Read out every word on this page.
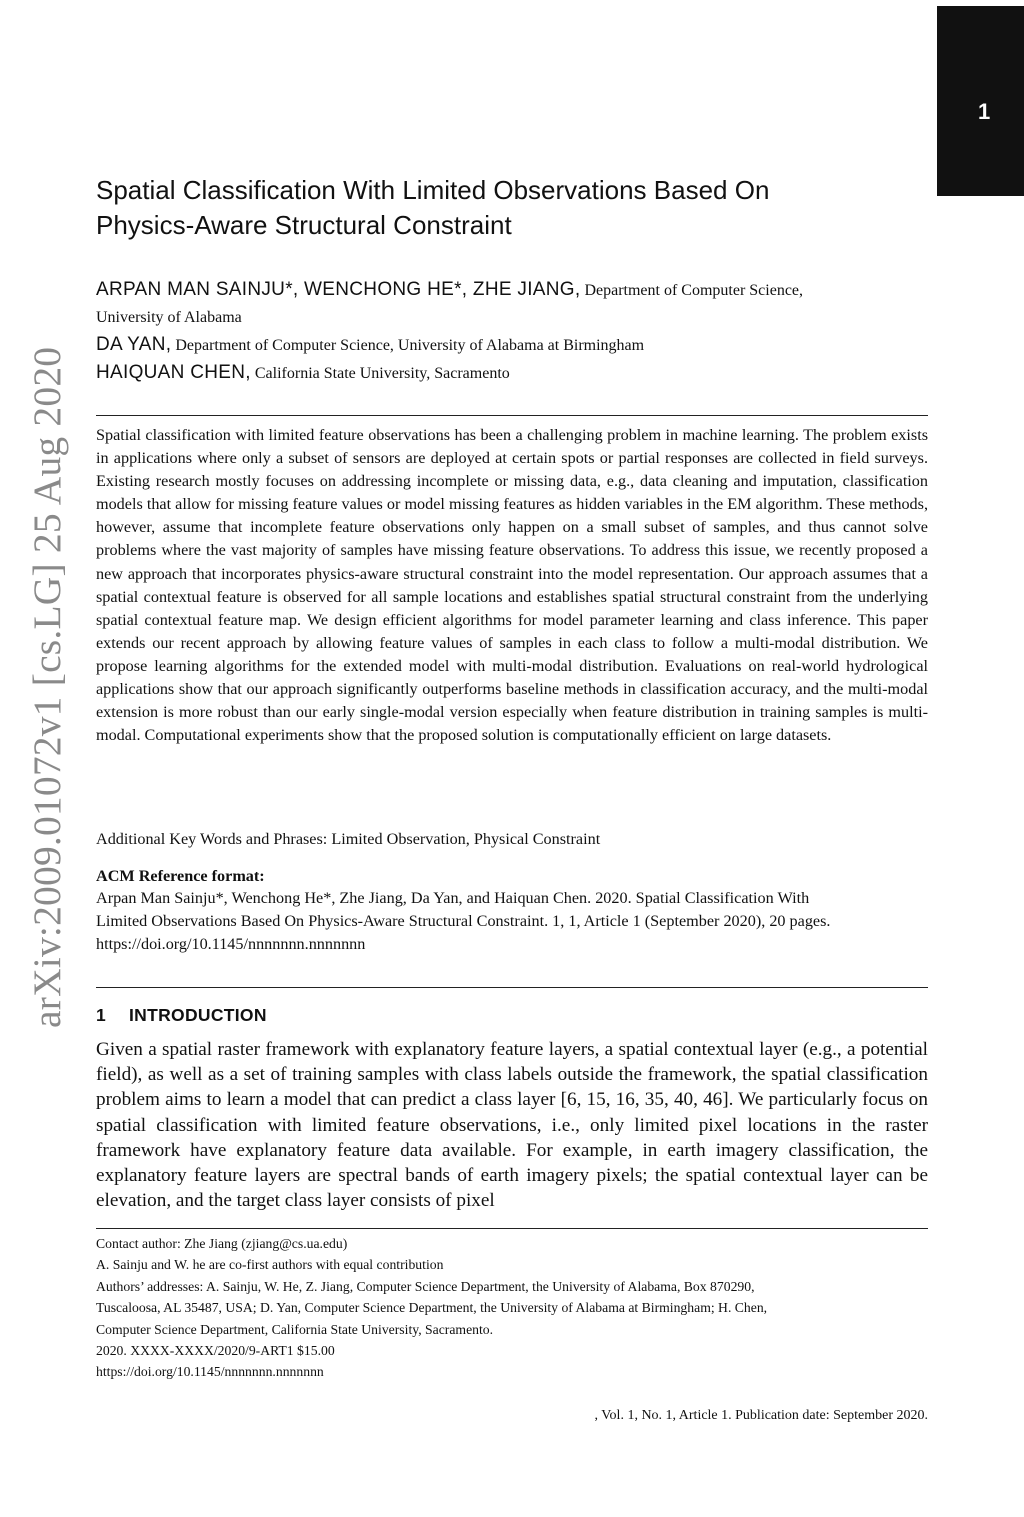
1
arXiv:2009.01072v1 [cs.LG] 25 Aug 2020
Spatial Classification With Limited Observations Based On
Physics-Aware Structural Constraint
ARPAN MAN SAINJU*, WENCHONG HE*, ZHE JIANG, Department of Computer Science,
University of Alabama
DA YAN, Department of Computer Science, University of Alabama at Birmingham
HAIQUAN CHEN, California State University, Sacramento
Spatial classification with limited feature observations has been a challenging problem in machine learning. The problem exists in applications where only a subset of sensors are deployed at certain spots or partial responses are collected in field surveys. Existing research mostly focuses on addressing incomplete or missing data, e.g., data cleaning and imputation, classification models that allow for missing feature values or model missing features as hidden variables in the EM algorithm. These methods, however, assume that incomplete feature observations only happen on a small subset of samples, and thus cannot solve problems where the vast majority of samples have missing feature observations. To address this issue, we recently proposed a new approach that incorporates physics-aware structural constraint into the model representation. Our approach assumes that a spatial contextual feature is observed for all sample locations and establishes spatial structural constraint from the underlying spatial contextual feature map. We design efficient algorithms for model parameter learning and class inference. This paper extends our recent approach by allowing feature values of samples in each class to follow a multi-modal distribution. We propose learning algorithms for the extended model with multi-modal distribution. Evaluations on real-world hydrological applications show that our approach significantly outperforms baseline methods in classification accuracy, and the multi-modal extension is more robust than our early single-modal version especially when feature distribution in training samples is multi-modal. Computational experiments show that the proposed solution is computationally efficient on large datasets.
Additional Key Words and Phrases: Limited Observation, Physical Constraint
ACM Reference format:
Arpan Man Sainju*, Wenchong He*, Zhe Jiang, Da Yan, and Haiquan Chen. 2020. Spatial Classification With
Limited Observations Based On Physics-Aware Structural Constraint. 1, 1, Article 1 (September 2020), 20 pages.
https://doi.org/10.1145/nnnnnnn.nnnnnnn
1 INTRODUCTION
Given a spatial raster framework with explanatory feature layers, a spatial contextual layer (e.g., a potential field), as well as a set of training samples with class labels outside the framework, the spatial classification problem aims to learn a model that can predict a class layer [6, 15, 16, 35, 40, 46]. We particularly focus on spatial classification with limited feature observations, i.e., only limited pixel locations in the raster framework have explanatory feature data available. For example, in earth imagery classification, the explanatory feature layers are spectral bands of earth imagery pixels; the spatial contextual layer can be elevation, and the target class layer consists of pixel
Contact author: Zhe Jiang (zjiang@cs.ua.edu)
A. Sainju and W. he are co-first authors with equal contribution
Authors’ addresses: A. Sainju, W. He, Z. Jiang, Computer Science Department, the University of Alabama, Box 870290,
Tuscaloosa, AL 35487, USA; D. Yan, Computer Science Department, the University of Alabama at Birmingham; H. Chen,
Computer Science Department, California State University, Sacramento.
2020. XXXX-XXXX/2020/9-ART1 $15.00
https://doi.org/10.1145/nnnnnnn.nnnnnnn
, Vol. 1, No. 1, Article 1. Publication date: September 2020.
